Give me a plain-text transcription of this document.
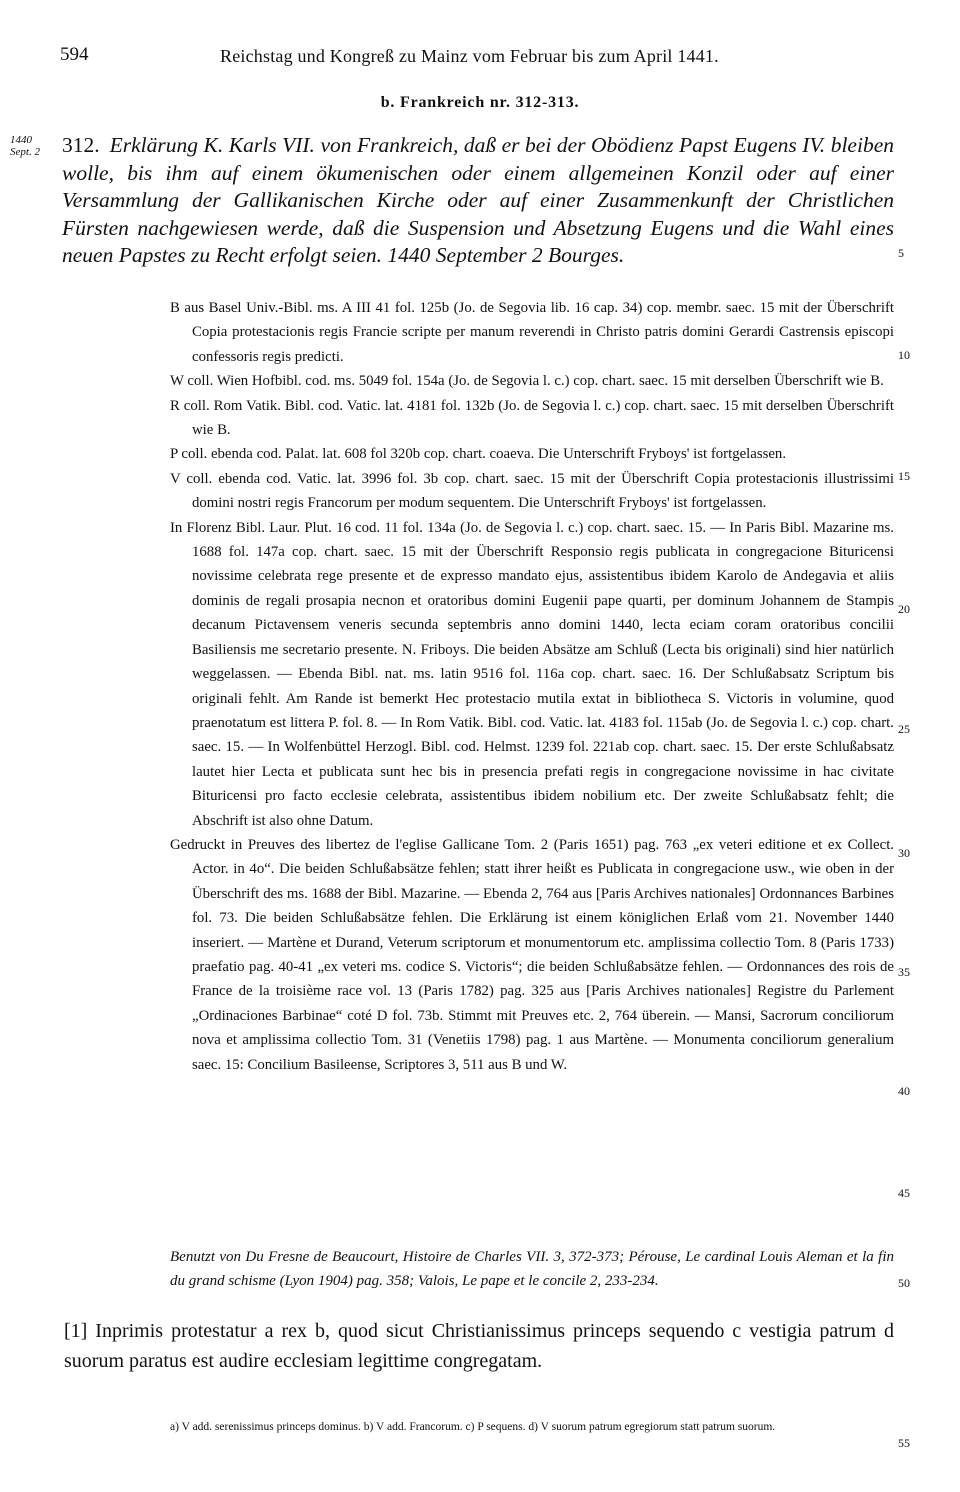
594	Reichstag und Kongreß zu Mainz vom Februar bis zum April 1441.
b. Frankreich nr. 312-313.
1440 Sept. 2	312. Erklärung K. Karls VII. von Frankreich, daß er bei der Obödienz Papst Eugens IV. bleiben wolle, bis ihm auf einem ökumenischen oder einem allgemeinen Konzil oder auf einer Versammlung der Gallikanischen Kirche oder auf einer Zusammenkunft der Christlichen Fürsten nachgewiesen werde, daß die Suspension und Absetzung Eugens und die Wahl eines neuen Papstes zu Recht erfolgt seien. 1440 September 2 Bourges.

B aus Basel Univ.-Bibl. ms. A III 41 fol. 125b (Jo. de Segovia lib. 16 cap. 34) cop. membr. saec. 15 mit der Überschrift Copia protestacionis regis Francie scripte per manum reverendi in Christo patris domini Gerardi Castrensis episcopi confessoris regis predicti.

W coll. Wien Hofbibl. cod. ms. 5049 fol. 154a (Jo. de Segovia l. c.) cop. chart. saec. 15 mit derselben Überschrift wie B.

R coll. Rom Vatik. Bibl. cod. Vatic. lat. 4181 fol. 132b (Jo. de Segovia l. c.) cop. chart. saec. 15 mit derselben Überschrift wie B.

P coll. ebenda cod. Palat. lat. 608 fol 320b cop. chart. coaeva. Die Unterschrift Fryboys' ist fortgelassen.

V coll. ebenda cod. Vatic. lat. 3996 fol. 3b cop. chart. saec. 15 mit der Überschrift Copia protestacionis illustrissimi domini nostri regis Francorum per modum sequentem. Die Unterschrift Fryboys' ist fortgelassen.

In Florenz Bibl. Laur. Plut. 16 cod. 11 fol. 134a (Jo. de Segovia l. c.) cop. chart. saec. 15. — In Paris Bibl. Mazarine ms. 1688 fol. 147a cop. chart. saec. 15 mit der Überschrift Responsio regis publicata in congregacione Bituricensi novissime celebrata rege presente et de expresso mandato ejus, assistentibus ibidem Karolo de Andegavia et aliis dominis de regali prosapia necnon et oratoribus domini Eugenii pape quarti, per dominum Johannem de Stampis decanum Pictavensem veneris secunda septembris anno domini 1440, lecta eciam coram oratoribus concilii Basiliensis me secretario presente. N. Friboys. Die beiden Absätze am Schluß (Lecta bis originali) sind hier natürlich weggelassen. — Ebenda Bibl. nat. ms. latin 9516 fol. 116a cop. chart. saec. 16. Der Schlußabsatz Scriptum bis originali fehlt. Am Rande ist bemerkt Hec protestacio mutila extat in bibliotheca S. Victoris in volumine, quod praenotatum est littera P. fol. 8. — In Rom Vatik. Bibl. cod. Vatic. lat. 4183 fol. 115ab (Jo. de Segovia l. c.) cop. chart. saec. 15. — In Wolfenbüttel Herzogl. Bibl. cod. Helmst. 1239 fol. 221ab cop. chart. saec. 15. Der erste Schlußabsatz lautet hier Lecta et publicata sunt hec bis in presencia prefati regis in congregacione novissime in hac civitate Bituricensi pro facto ecclesie celebrata, assistentibus ibidem nobilium etc. Der zweite Schlußabsatz fehlt; die Abschrift ist also ohne Datum.

Gedruckt in Preuves des libertez de l'eglise Gallicane Tom. 2 (Paris 1651) pag. 763 „ex veteri editione et ex Collect. Actor. in 4o“. Die beiden Schlußabsätze fehlen; statt ihrer heißt es Publicata in congregacione usw., wie oben in der Überschrift des ms. 1688 der Bibl. Mazarine. — Ebenda 2, 764 aus [Paris Archives nationales] Ordonnances Barbines fol. 73. Die beiden Schlußabsätze fehlen. Die Erklärung ist einem königlichen Erlaß vom 21. November 1440 inseriert. — Martène et Durand, Veterum scriptorum et monumentorum etc. amplissima collectio Tom. 8 (Paris 1733) praefatio pag. 40-41 „ex veteri ms. codice S. Victoris“; die beiden Schlußabsätze fehlen. — Ordonnances des rois de France de la troisième race vol. 13 (Paris 1782) pag. 325 aus [Paris Archives nationales] Registre du Parlement „Ordinaciones Barbinae“ coté D fol. 73b. Stimmt mit Preuves etc. 2, 764 überein. — Mansi, Sacrorum conciliorum nova et amplissima collectio Tom. 31 (Venetiis 1798) pag. 1 aus Martène. — Monumenta conciliorum generalium saec. 15: Concilium Basileense, Scriptores 3, 511 aus B und W.

Benutzt von Du Fresne de Beaucourt, Histoire de Charles VII. 3, 372-373; Pérouse, Le cardinal Louis Aleman et la fin du grand schisme (Lyon 1904) pag. 358; Valois, Le pape et le concile 2, 233-234.
[1] Inprimis protestatur a rex b, quod sicut Christianissimus princeps sequendo c vestigia patrum d suorum paratus est audire ecclesiam legittime congregatam.
a) V add. serenissimus princeps dominus. b) V add. Francorum. c) P sequens. d) V suorum patrum egregiorum statt patrum suorum.
5
10
15
20
25
30
35
40
45
50
55
